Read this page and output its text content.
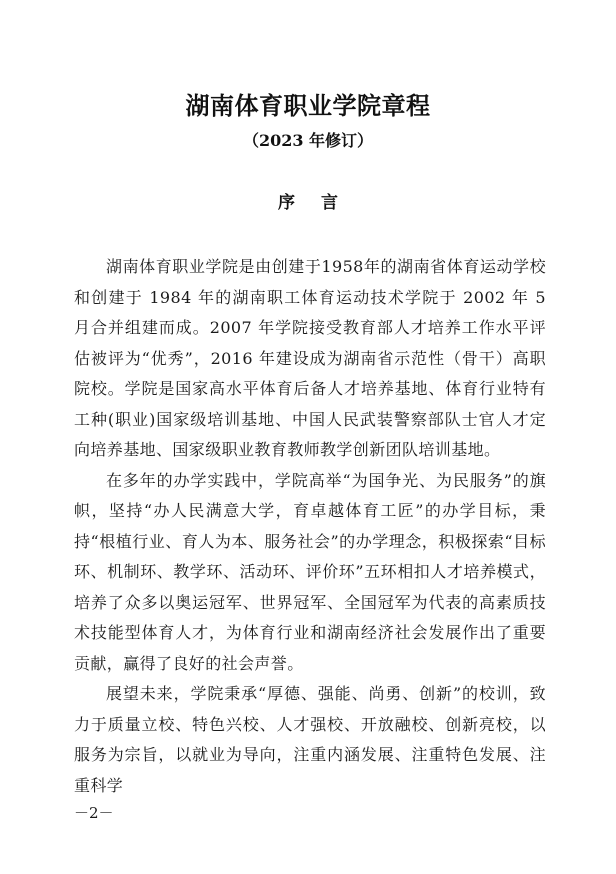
湖南体育职业学院章程
（2023 年修订）
序言

湖南体育职业学院是由创建于1958年的湖南省体育运动学校和创建于 1984 年的湖南职工体育运动技术学院于 2002 年 5 月合并组建而成。2007 年学院接受教育部人才培养工作水平评估被评为“优秀”，2016 年建设成为湖南省示范性（骨干）高职院校。学院是国家高水平体育后备人才培养基地、体育行业特有工种(职业)国家级培训基地、中国人民武装警察部队士官人才定向培养基地、国家级职业教育教师教学创新团队培训基地。

在多年的办学实践中，学院高举“为国争光、为民服务”的旗帜，坚持“办人民满意大学，育卓越体育工匠”的办学目标，秉持“根植行业、育人为本、服务社会”的办学理念，积极探索“目标环、机制环、教学环、活动环、评价环”五环相扣人才培养模式，培养了众多以奥运冠军、世界冠军、全国冠军为代表的高素质技术技能型体育人才，为体育行业和湖南经济社会发展作出了重要贡献，赢得了良好的社会声誉。

展望未来，学院秉承“厚德、强能、尚勇、创新”的校训，致力于质量立校、特色兴校、人才强校、开放融校、创新亮校，以服务为宗旨，以就业为导向，注重内涵发展、注重特色发展、注重科学

－2－
